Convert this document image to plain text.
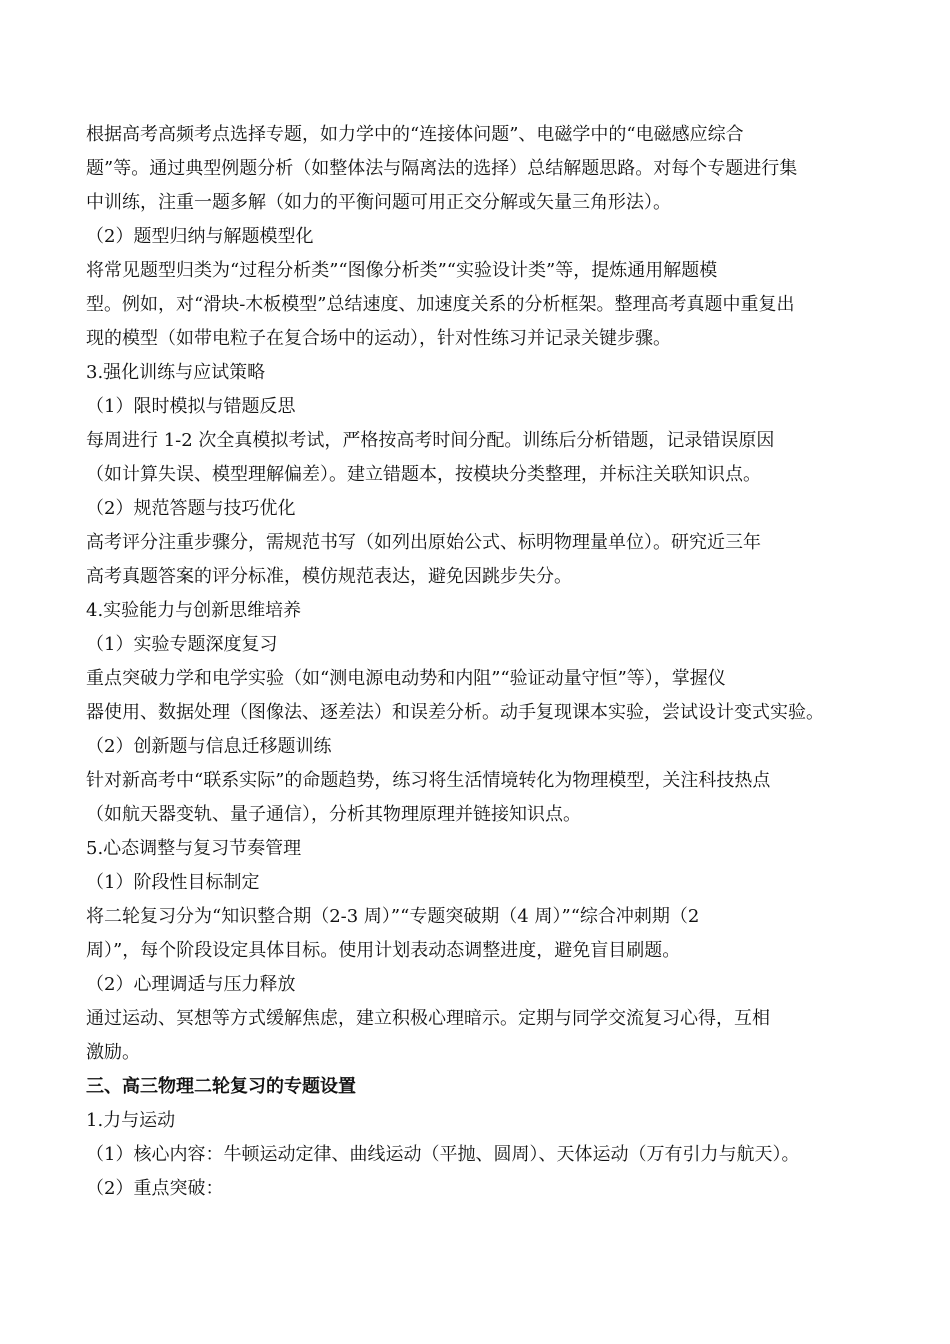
根据高考高频考点选择专题，如力学中的“连接体问题”、电磁学中的“电磁感应综合
题”等。通过典型例题分析（如整体法与隔离法的选择）总结解题思路。对每个专题进行集
中训练，注重一题多解（如力的平衡问题可用正交分解或矢量三角形法）。
（2）题型归纳与解题模型化
将常见题型归类为“过程分析类”“图像分析类”“实验设计类”等，提炼通用解题模
型。例如，对“滑块-木板模型”总结速度、加速度关系的分析框架。整理高考真题中重复出
现的模型（如带电粒子在复合场中的运动），针对性练习并记录关键步骤。
3.强化训练与应试策略
（1）限时模拟与错题反思
每周进行 1-2 次全真模拟考试，严格按高考时间分配。训练后分析错题，记录错误原因
（如计算失误、模型理解偏差）。建立错题本，按模块分类整理，并标注关联知识点。
（2）规范答题与技巧优化
高考评分注重步骤分，需规范书写（如列出原始公式、标明物理量单位）。研究近三年
高考真题答案的评分标准，模仿规范表达，避免因跳步失分。
4.实验能力与创新思维培养
（1）实验专题深度复习
重点突破力学和电学实验（如“测电源电动势和内阻”“验证动量守恒”等），掌握仪
器使用、数据处理（图像法、逐差法）和误差分析。动手复现课本实验，尝试设计变式实验。
（2）创新题与信息迁移题训练
针对新高考中“联系实际”的命题趋势，练习将生活情境转化为物理模型，关注科技热点
（如航天器变轨、量子通信），分析其物理原理并链接知识点。
5.心态调整与复习节奏管理
（1）阶段性目标制定
将二轮复习分为“知识整合期（2-3 周）”“专题突破期（4 周）”“综合冲刺期（2
周）”，每个阶段设定具体目标。使用计划表动态调整进度，避免盲目刷题。
（2）心理调适与压力释放
通过运动、冥想等方式缓解焦虑，建立积极心理暗示。定期与同学交流复习心得，互相
激励。
三、高三物理二轮复习的专题设置
1.力与运动
（1）核心内容：牛顿运动定律、曲线运动（平抛、圆周）、天体运动（万有引力与航天）。
（2）重点突破：
